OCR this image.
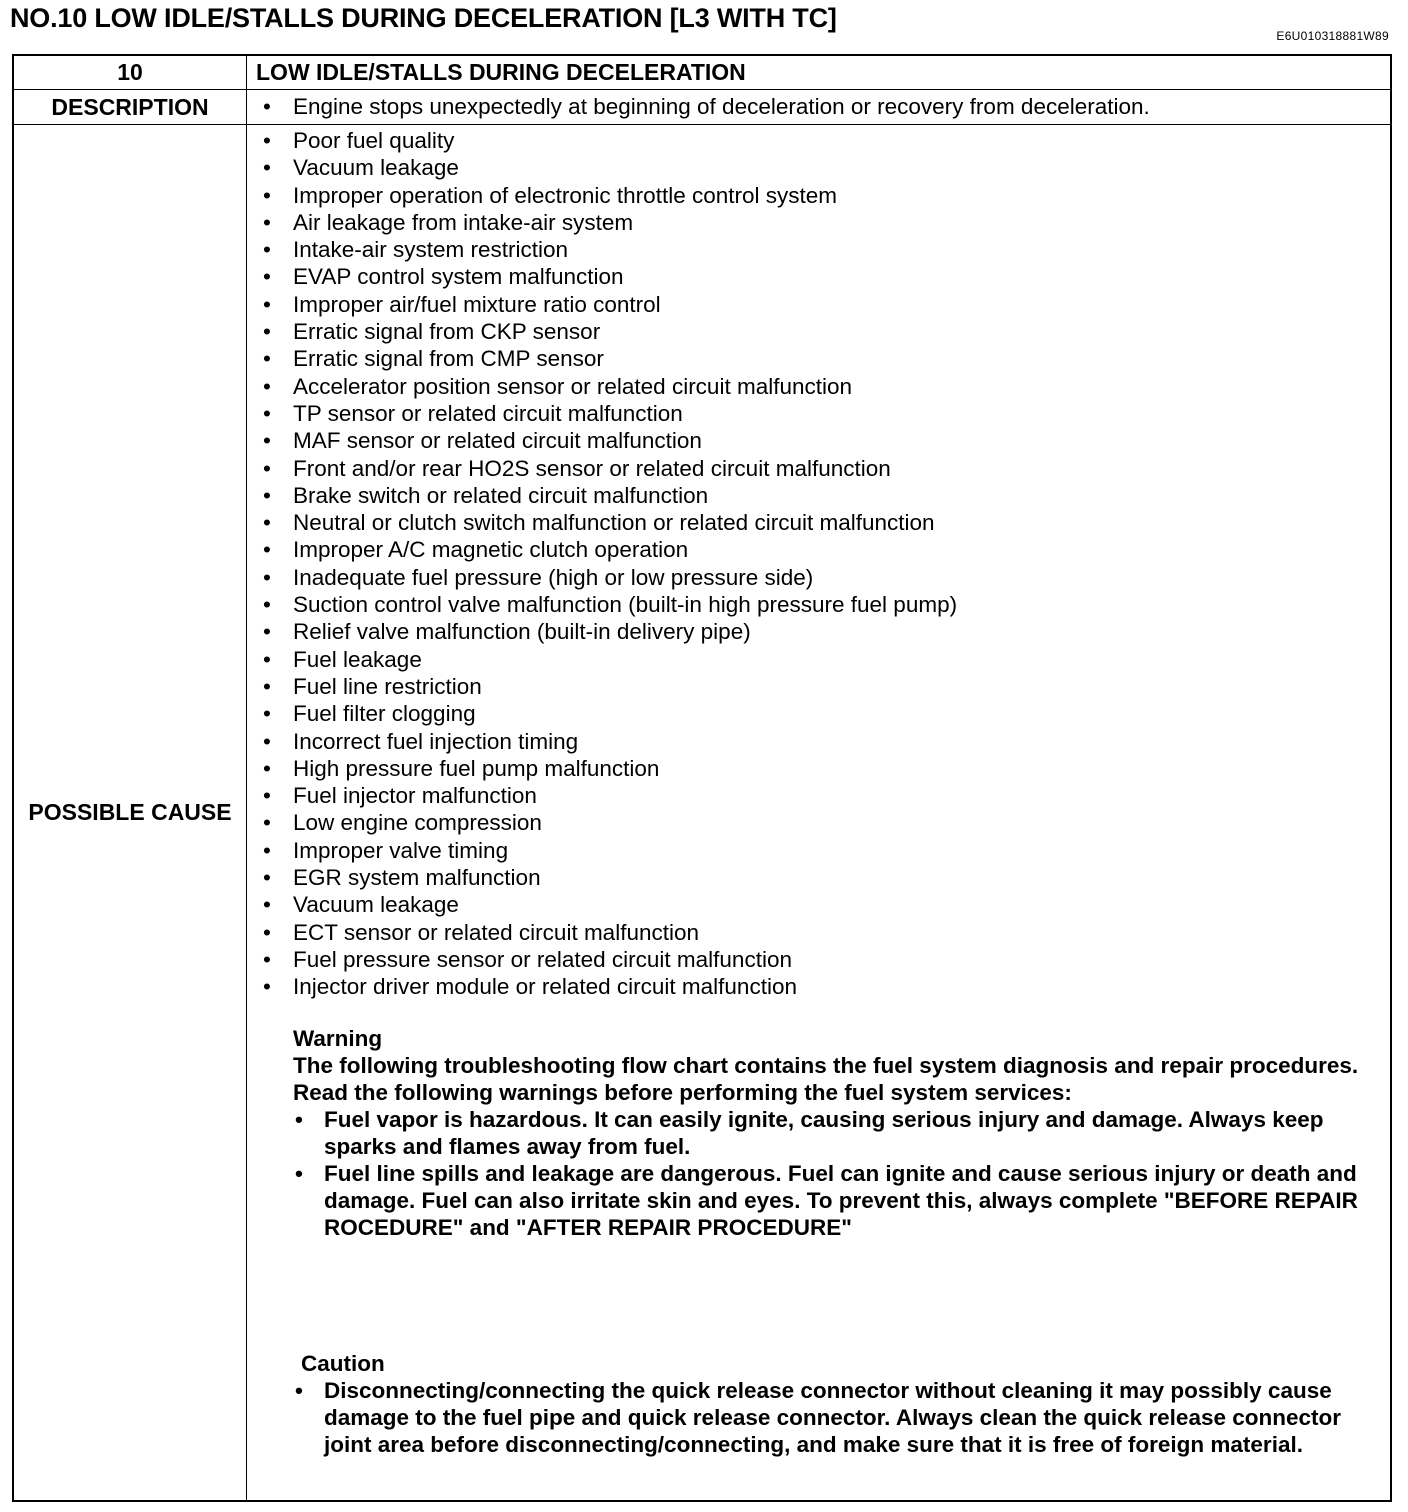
NO.10 LOW IDLE/STALLS DURING DECELERATION [L3 WITH TC]
E6U010318881W89
10	LOW IDLE/STALLS DURING DECELERATION
DESCRIPTION	• Engine stops unexpectedly at beginning of deceleration or recovery from deceleration.
POSSIBLE CAUSE
• Poor fuel quality
• Vacuum leakage
• Improper operation of electronic throttle control system
• Air leakage from intake-air system
• Intake-air system restriction
• EVAP control system malfunction
• Improper air/fuel mixture ratio control
• Erratic signal from CKP sensor
• Erratic signal from CMP sensor
• Accelerator position sensor or related circuit malfunction
• TP sensor or related circuit malfunction
• MAF sensor or related circuit malfunction
• Front and/or rear HO2S sensor or related circuit malfunction
• Brake switch or related circuit malfunction
• Neutral or clutch switch malfunction or related circuit malfunction
• Improper A/C magnetic clutch operation
• Inadequate fuel pressure (high or low pressure side)
• Suction control valve malfunction (built-in high pressure fuel pump)
• Relief valve malfunction (built-in delivery pipe)
• Fuel leakage
• Fuel line restriction
• Fuel filter clogging
• Incorrect fuel injection timing
• High pressure fuel pump malfunction
• Fuel injector malfunction
• Low engine compression
• Improper valve timing
• EGR system malfunction
• Vacuum leakage
• ECT sensor or related circuit malfunction
• Fuel pressure sensor or related circuit malfunction
• Injector driver module or related circuit malfunction
Warning
The following troubleshooting flow chart contains the fuel system diagnosis and repair procedures. Read the following warnings before performing the fuel system services:
• Fuel vapor is hazardous. It can easily ignite, causing serious injury and damage. Always keep sparks and flames away from fuel.
• Fuel line spills and leakage are dangerous. Fuel can ignite and cause serious injury or death and damage. Fuel can also irritate skin and eyes. To prevent this, always complete "BEFORE REPAIR ROCEDURE" and "AFTER REPAIR PROCEDURE"
Caution
• Disconnecting/connecting the quick release connector without cleaning it may possibly cause damage to the fuel pipe and quick release connector. Always clean the quick release connector joint area before disconnecting/connecting, and make sure that it is free of foreign material.
